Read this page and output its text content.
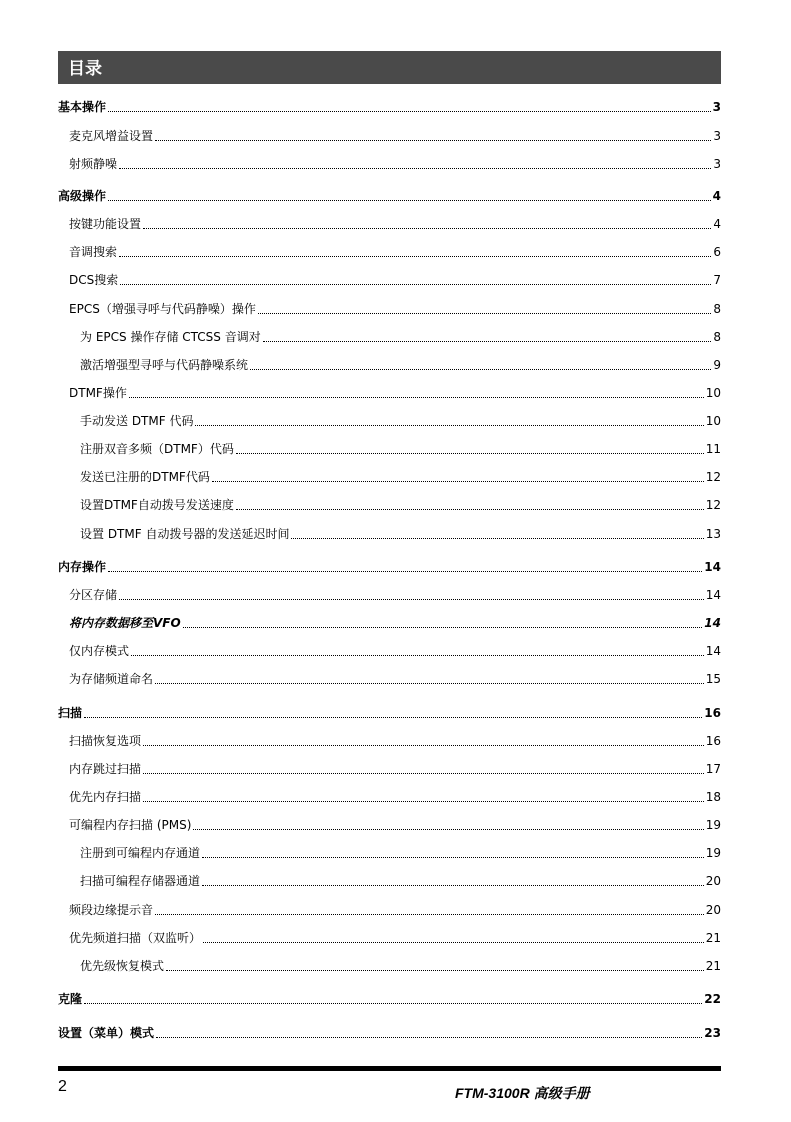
目录
基本操作	3
麦克风增益设置	3
射频静噪	3
高级操作	4
按键功能设置	4
音调搜索	6
DCS搜索	7
EPCS（增强寻呼与代码静噪）操作	8
为 EPCS 操作存储 CTCSS 音调对	8
激活增强型寻呼与代码静噪系统	9
DTMF操作	10
手动发送 DTMF 代码	10
注册双音多频（DTMF）代码	11
发送已注册的DTMF代码	12
设置DTMF自动拨号发送速度	12
设置 DTMF 自动拨号器的发送延迟时间	13
内存操作	14
分区存储	14
将内存数据移至VFO	14
仅内存模式	14
为存储频道命名	15
扫描	16
扫描恢复选项	16
内存跳过扫描	17
优先内存扫描	18
可编程内存扫描 (PMS)	19
注册到可编程内存通道	19
扫描可编程存储器通道	20
频段边缘提示音	20
优先频道扫描（双监听）	21
优先级恢复模式	21
克隆	22
设置（菜单）模式	23
2	FTM-3100R 高级手册
